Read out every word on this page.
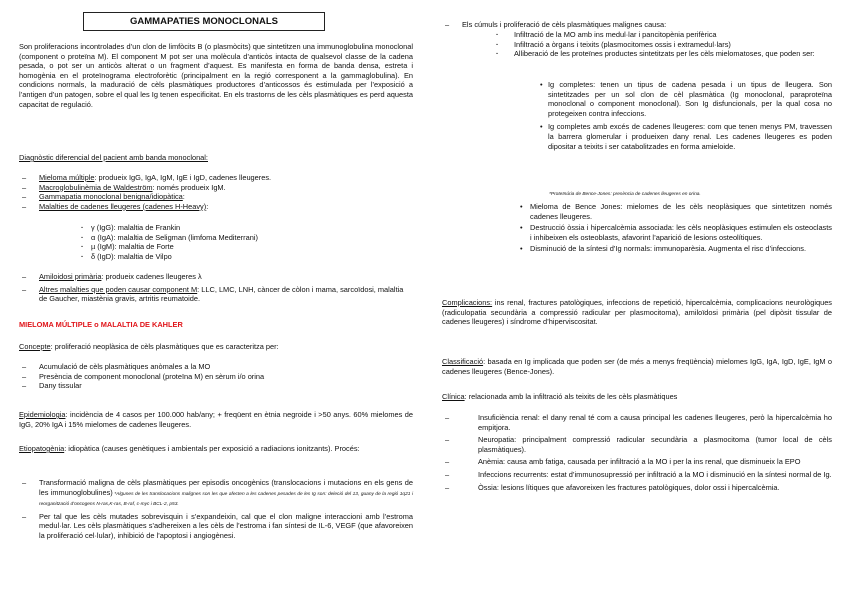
GAMMAPATIES MONOCLONALS

Son proliferacions incontrolades d’un clon de limfòcits B (o plasmòcits) que sintetitzen una immunoglobulina monoclonal (component o proteïna M). El component M pot ser una molècula d’anticòs intacta de qualsevol classe de la cadena pesada, o pot ser un anticòs alterat o un fragment d’aquest. Es manifesta en forma de banda densa, estreta i homogènia en el proteïnograma electroforètic (principalment en la regió corresponent a la gammaglobulina). En condicions normals, la maduració de cèls plasmàtiques productores d’anticossos és estimulada per l’exposició a l’antigen d’un patogen, sobre el qual les Ig tenen especificitat. En els trastorns de les cèls plasmàtiques es perd aquesta capacitat de regulació.

Diagnòstic diferencial del pacient amb banda monoclonal:

– Mieloma múltiple: produeix IgG, IgA, IgM, IgE i IgD, cadenes lleugeres.
– Macroglobulinèmia de Waldeström: només produeix IgM.
– Gammapatia monoclonal benigna/idiopàtica:
– Malalties de cadenes lleugeres (cadenes H-Heavy):
· γ (IgG): malaltia de Frankin
· α (IgA): malaltia de Seligman (limfoma Mediterrani)
· µ (IgM): malaltia de Forte
· δ (IgD): malaltia de Vilpo
– Amiloidosi primària: produeix cadenes lleugeres λ
– Altres malalties que poden causar component M: LLC, LMC, LNH, càncer de còlon i mama, sarcoïdosi, malaltia de Gaucher, miastènia gravis, artritis reumatoide.

MIELOMA MÚLTIPLE o MALALTIA DE KAHLER

Concepte: proliferació neoplàsica de cèls plasmàtiques que es caracteritza per:

– Acumulació de cèls plasmàtiques anòmales a la MO
– Presència de component monoclonal (proteïna M) en sèrum i/o orina
– Dany tissular

Epidemiologia: incidència de 4 casos per 100.000 hab/any; + freqüent en ètnia negroide i >50 anys. 60% mielomes de IgG, 20% IgA i 15% mielomes de cadenes lleugeres.

Etiopatogènia: idiopàtica (causes genètiques i ambientals per exposició a radiacions ionitzants). Procés:

– Transformació maligna de cèls plasmàtiques per episodis oncogènics (translocacions i mutacions en els gens de les immunoglobulines) *Algunes de les translocacions malignes son les que afecten a les cadenes pesades de les Ig son: deleció del 13, guany de la regió 1q21 i reorganització d’oncogens N-ras,K-ras, B-raf, c-myc i BCL-2, p53.
– Per tal que les cèls mutades sobrevisquin i s’expandeixin, cal que el clon maligne interaccioni amb l’estroma medul·lar. Les cèls plasmàtiques s’adhereixen a les cèls de l’estroma i fan síntesi de IL-6, VEGF (que afavoreixen la proliferació cel·lular), inhibició de l’apoptosi i angiogènesi.
– Els cúmuls i proliferació de cèls plasmàtiques malignes causa:
· Infiltració de la MO amb ins medul·lar i pancitopènia perifèrica
· Infiltració a òrgans i teixits (plasmocitomes ossis i extramedul·lars)
· Alliberació de les proteïnes productes sintetitzats per les cèls mielomatoses, que poden ser:
• Ig completes: tenen un tipus de cadena pesada i un tipus de lleugera. Son sintetitzades per un sol clon de cèl plasmàtica (Ig monoclonal, paraproteïna monoclonal o component monoclonal). Son Ig disfuncionals, per la qual cosa no protegeixen contra infeccions.
• Ig completes amb excés de cadenes lleugeres: com que tenen menys PM, travessen la barrera glomerular i produeixen dany renal. Les cadenes lleugeres es poden dipositar a teixits i ser catabolitzades en forma amieloide.

*Proteïnúria de Bence-Jones: presència de cadenes lleugeres en orina.

• Mieloma de Bence Jones: mielomes de les cèls neoplàsiques que sintetitzen només cadenes lleugeres.
• Destrucció òssia i hipercalcèmia associada: les cèls neoplàsiques estimulen els osteoclasts i inhibeixen els osteoblasts, afavorint l’aparició de lesions osteolítiques.
• Disminució de la síntesi d’Ig normals: immunoparèsia. Augmenta el risc d’infeccions.

Complicacions: ins renal, fractures patològiques, infeccions de repetició, hipercalcèmia, complicacions neurològiques (radiculopatia secundària a compressió radicular per plasmocitoma), amiloïdosi primària (pel dipòsit tissular de cadenes lleugeres) i síndrome d’hiperviscositat.

Classificació: basada en Ig implicada que poden ser (de més a menys freqüència) mielomes IgG, IgA, IgD, IgE, IgM o cadenes lleugeres (Bence-Jones).

Clínica: relacionada amb la infiltració als teixits de les cèls plasmàtiques

– Insuficiència renal: el dany renal té com a causa principal les cadenes lleugeres, però la hipercalcèmia ho empitjora.
– Neuropatia: principalment compressió radicular secundària a plasmocitoma (tumor local de cèls plasmàtiques).
– Anèmia: causa amb fatiga, causada per infiltració a la MO i per la ins renal, que disminueix la EPO
– Infeccions recurrents: estat d’immunosupressió per infiltració a la MO i disminució en la síntesi normal de Ig.
– Òssia: lesions lítiques que afavoreixen les fractures patològiques, dolor ossi i hipercalcèmia.
